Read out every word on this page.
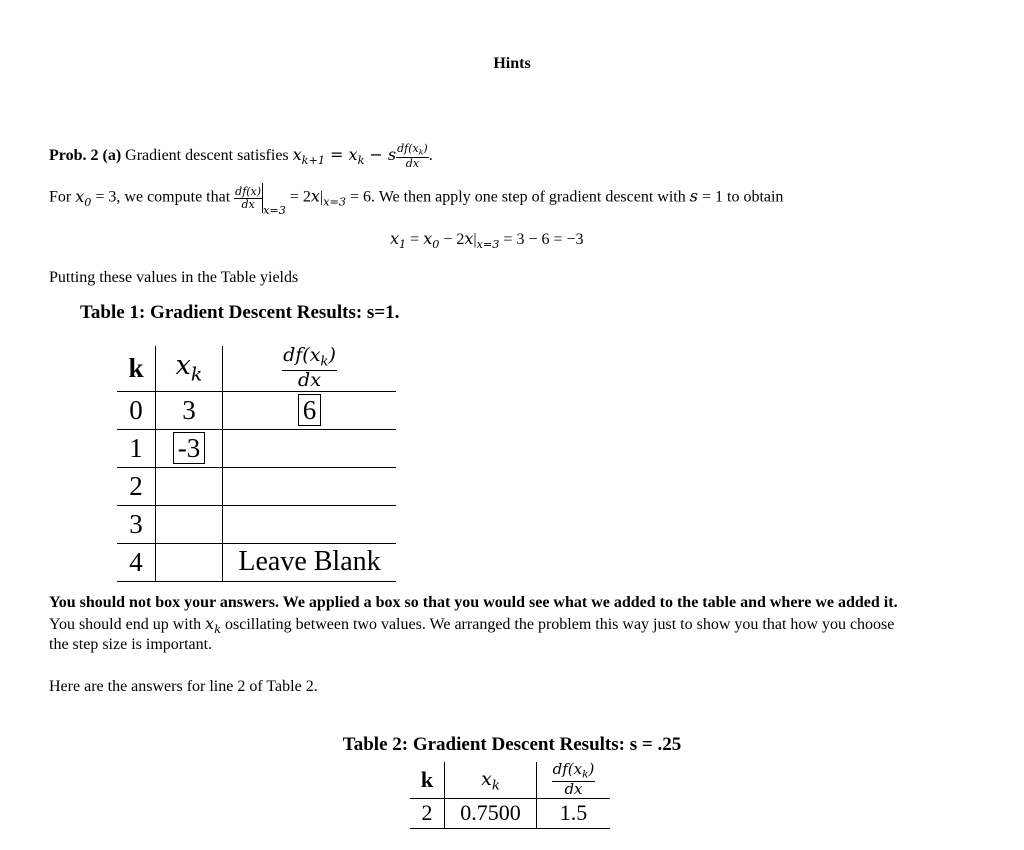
Hints
Prob. 2 (a) Gradient descent satisfies $x_{k+1} = x_k - s \frac{df(x_k)}{dx}$ .
For $x_0 = 3$, we compute that $\frac{df(x)}{dx}$
$_{x=3} = 2x|_{x=3} = 6$. We then apply one step of gradient descent with s = 1 to obtain
$x_1 = x_0 - 2x|_{x=3} = 3 - 6 = -3$
Putting these values in the Table yields
Table 1: Gradient Descent Results: s=1.
k	$x_k$	$\frac{df(x_k)}{dx}$

0	3	6
1	-3	
2		
3		
4		Leave Blank
You should not box your answers. We applied a box so that you would see what we added to the table and where we added it.
You should end up with $x_k$ oscillating between two values. We arranged the problem this way just to show you that how you choose
the step size is important.
Here are the answers for line 2 of Table 2.
Table 2: Gradient Descent Results: s = .25
k	$x_k$	$\frac{df(x_k)}{dx}$

2	0.7500	1.5
